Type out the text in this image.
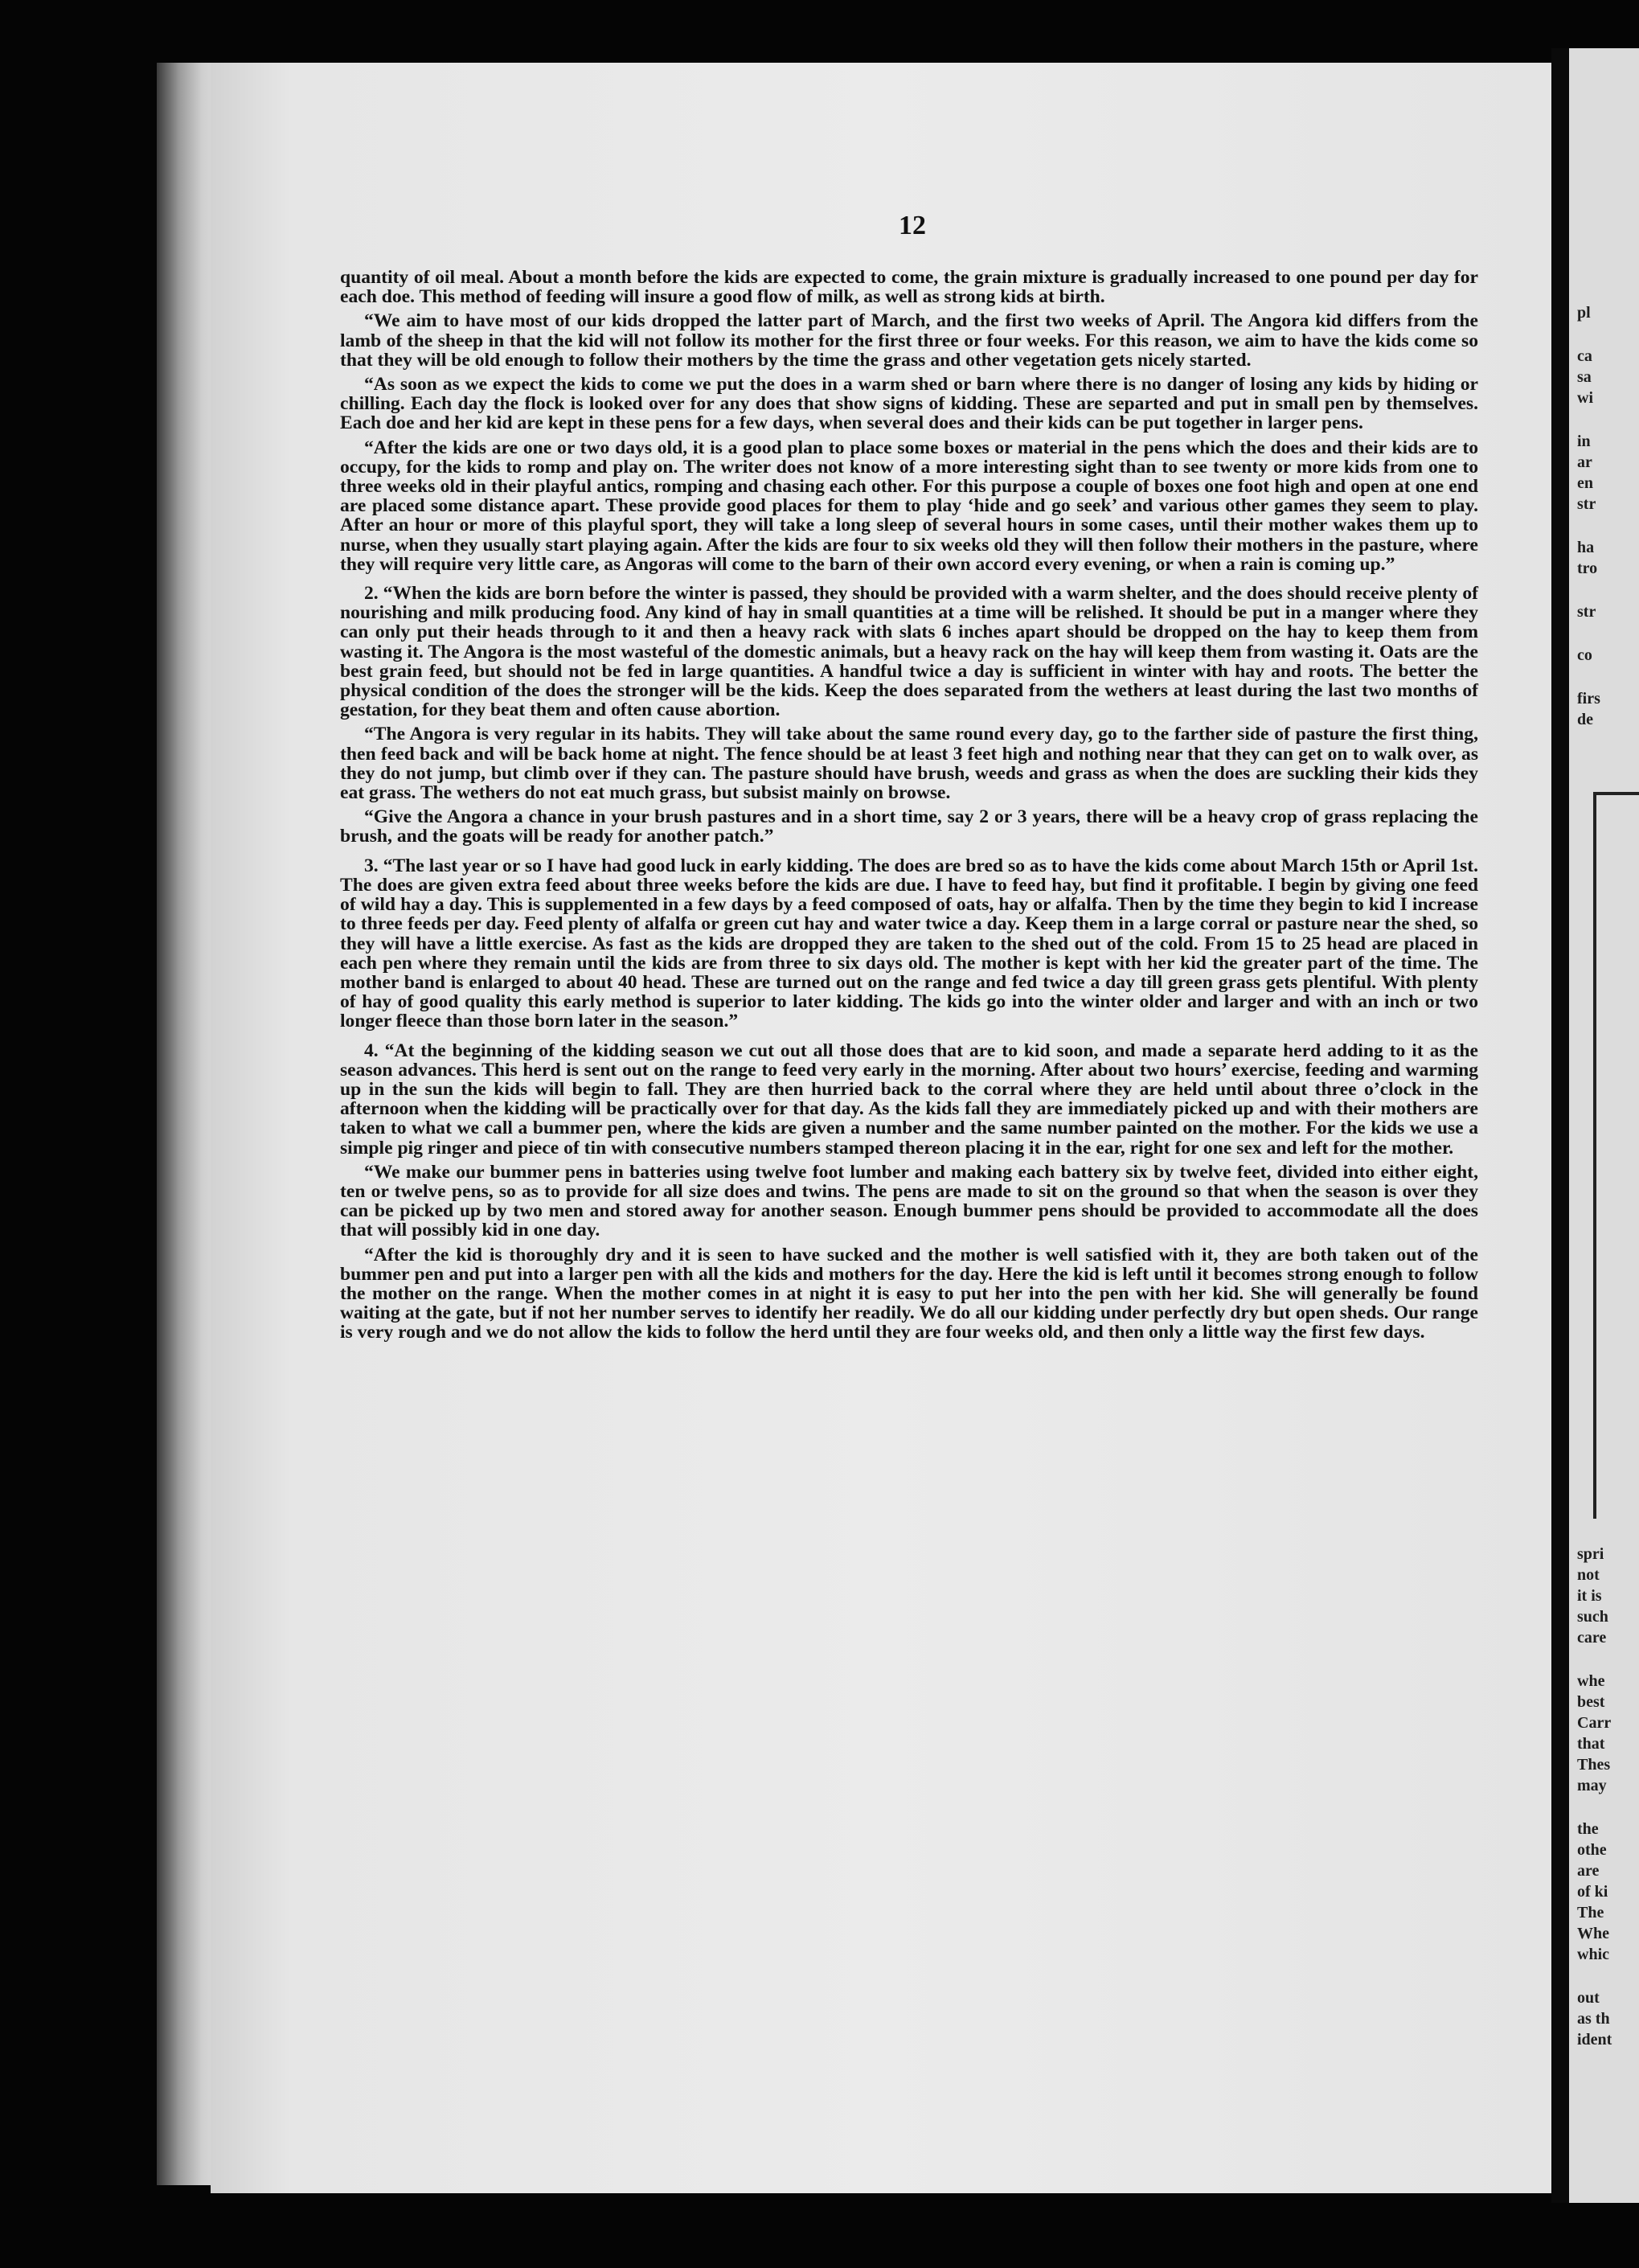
pl
ca
sa
wi
in
ar
en
str
ha
tro
str
co
firs
de
spri
not
it is
such
care
whe
best
Carr
that
Thes
may
the
othe
are
of ki
The
Whe
whic
out
as th
ident
12

quantity of oil meal. About a month before the kids are expected to come, the grain mixture is gradually increased to one pound per day for each doe. This method of feeding will insure a good flow of milk, as well as strong kids at birth.

“We aim to have most of our kids dropped the latter part of March, and the first two weeks of April. The Angora kid differs from the lamb of the sheep in that the kid will not follow its mother for the first three or four weeks. For this reason, we aim to have the kids come so that they will be old enough to follow their mothers by the time the grass and other vegetation gets nicely started.

“As soon as we expect the kids to come we put the does in a warm shed or barn where there is no danger of losing any kids by hiding or chilling. Each day the flock is looked over for any does that show signs of kidding. These are separted and put in small pen by themselves. Each doe and her kid are kept in these pens for a few days, when several does and their kids can be put together in larger pens.

“After the kids are one or two days old, it is a good plan to place some boxes or material in the pens which the does and their kids are to occupy, for the kids to romp and play on. The writer does not know of a more interesting sight than to see twenty or more kids from one to three weeks old in their playful antics, romping and chasing each other. For this purpose a couple of boxes one foot high and open at one end are placed some distance apart. These provide good places for them to play ‘hide and go seek’ and various other games they seem to play. After an hour or more of this playful sport, they will take a long sleep of several hours in some cases, until their mother wakes them up to nurse, when they usually start playing again. After the kids are four to six weeks old they will then follow their mothers in the pasture, where they will require very little care, as Angoras will come to the barn of their own accord every evening, or when a rain is coming up.”

2. “When the kids are born before the winter is passed, they should be provided with a warm shelter, and the does should receive plenty of nourishing and milk producing food. Any kind of hay in small quantities at a time will be relished. It should be put in a manger where they can only put their heads through to it and then a heavy rack with slats 6 inches apart should be dropped on the hay to keep them from wasting it. The Angora is the most wasteful of the domestic animals, but a heavy rack on the hay will keep them from wasting it. Oats are the best grain feed, but should not be fed in large quantities. A handful twice a day is sufficient in winter with hay and roots. The better the physical condition of the does the stronger will be the kids. Keep the does separated from the wethers at least during the last two months of gestation, for they beat them and often cause abortion.

“The Angora is very regular in its habits. They will take about the same round every day, go to the farther side of pasture the first thing, then feed back and will be back home at night. The fence should be at least 3 feet high and nothing near that they can get on to walk over, as they do not jump, but climb over if they can. The pasture should have brush, weeds and grass as when the does are suckling their kids they eat grass. The wethers do not eat much grass, but subsist mainly on browse.

“Give the Angora a chance in your brush pastures and in a short time, say 2 or 3 years, there will be a heavy crop of grass replacing the brush, and the goats will be ready for another patch.”

3. “The last year or so I have had good luck in early kidding. The does are bred so as to have the kids come about March 15th or April 1st. The does are given extra feed about three weeks before the kids are due. I have to feed hay, but find it profitable. I begin by giving one feed of wild hay a day. This is supplemented in a few days by a feed composed of oats, hay or alfalfa. Then by the time they begin to kid I increase to three feeds per day. Feed plenty of alfalfa or green cut hay and water twice a day. Keep them in a large corral or pasture near the shed, so they will have a little exercise. As fast as the kids are dropped they are taken to the shed out of the cold. From 15 to 25 head are placed in each pen where they remain until the kids are from three to six days old. The mother is kept with her kid the greater part of the time. The mother band is enlarged to about 40 head. These are turned out on the range and fed twice a day till green grass gets plentiful. With plenty of hay of good quality this early method is superior to later kidding. The kids go into the winter older and larger and with an inch or two longer fleece than those born later in the season.”

4. “At the beginning of the kidding season we cut out all those does that are to kid soon, and made a separate herd adding to it as the season advances. This herd is sent out on the range to feed very early in the morning. After about two hours’ exercise, feeding and warming up in the sun the kids will begin to fall. They are then hurried back to the corral where they are held until about three o’clock in the afternoon when the kidding will be practically over for that day. As the kids fall they are immediately picked up and with their mothers are taken to what we call a bummer pen, where the kids are given a number and the same number painted on the mother. For the kids we use a simple pig ringer and piece of tin with consecutive numbers stamped thereon placing it in the ear, right for one sex and left for the mother.

“We make our bummer pens in batteries using twelve foot lumber and making each battery six by twelve feet, divided into either eight, ten or twelve pens, so as to provide for all size does and twins. The pens are made to sit on the ground so that when the season is over they can be picked up by two men and stored away for another season. Enough bummer pens should be provided to accommodate all the does that will possibly kid in one day.

“After the kid is thoroughly dry and it is seen to have sucked and the mother is well satisfied with it, they are both taken out of the bummer pen and put into a larger pen with all the kids and mothers for the day. Here the kid is left until it becomes strong enough to follow the mother on the range. When the mother comes in at night it is easy to put her into the pen with her kid. She will generally be found waiting at the gate, but if not her number serves to identify her readily. We do all our kidding under perfectly dry but open sheds. Our range is very rough and we do not allow the kids to follow the herd until they are four weeks old, and then only a little way the first few days.
